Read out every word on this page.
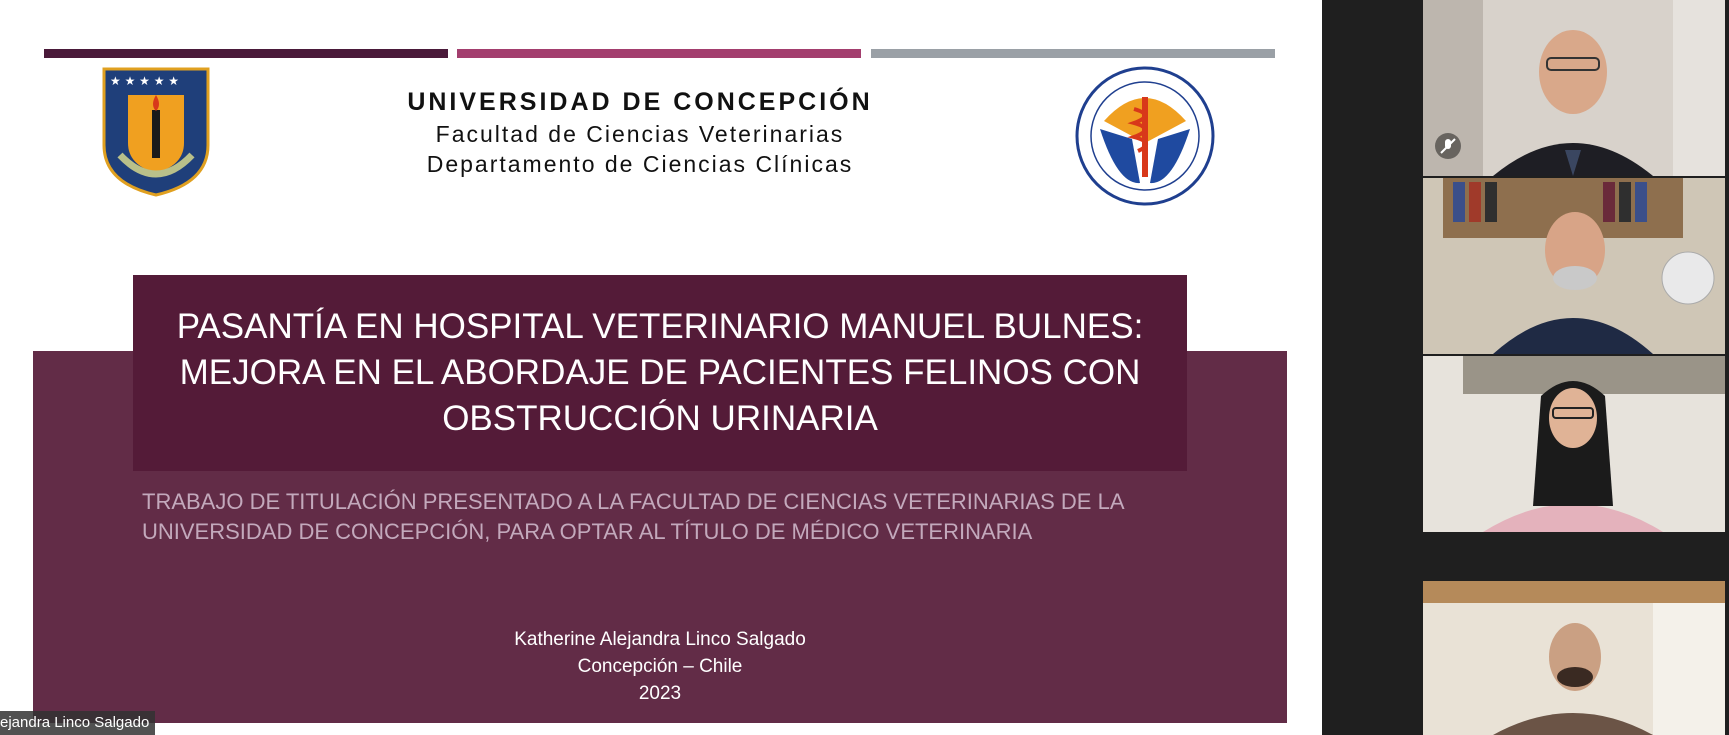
★ ★ ★ ★ ★
UNIVERSIDAD DE CONCEPCIÓN
Facultad de Ciencias Veterinarias
Departamento de Ciencias Clínicas
PASANTÍA EN HOSPITAL VETERINARIO MANUEL BULNES:
MEJORA EN EL ABORDAJE DE PACIENTES FELINOS CON
OBSTRUCCIÓN URINARIA
TRABAJO DE TITULACIÓN PRESENTADO A LA FACULTAD DE CIENCIAS VETERINARIAS DE LA
UNIVERSIDAD DE CONCEPCIÓN, PARA OPTAR AL TÍTULO DE MÉDICO VETERINARIA
Katherine Alejandra Linco Salgado
Concepción – Chile
2023
ejandra Linco Salgado
